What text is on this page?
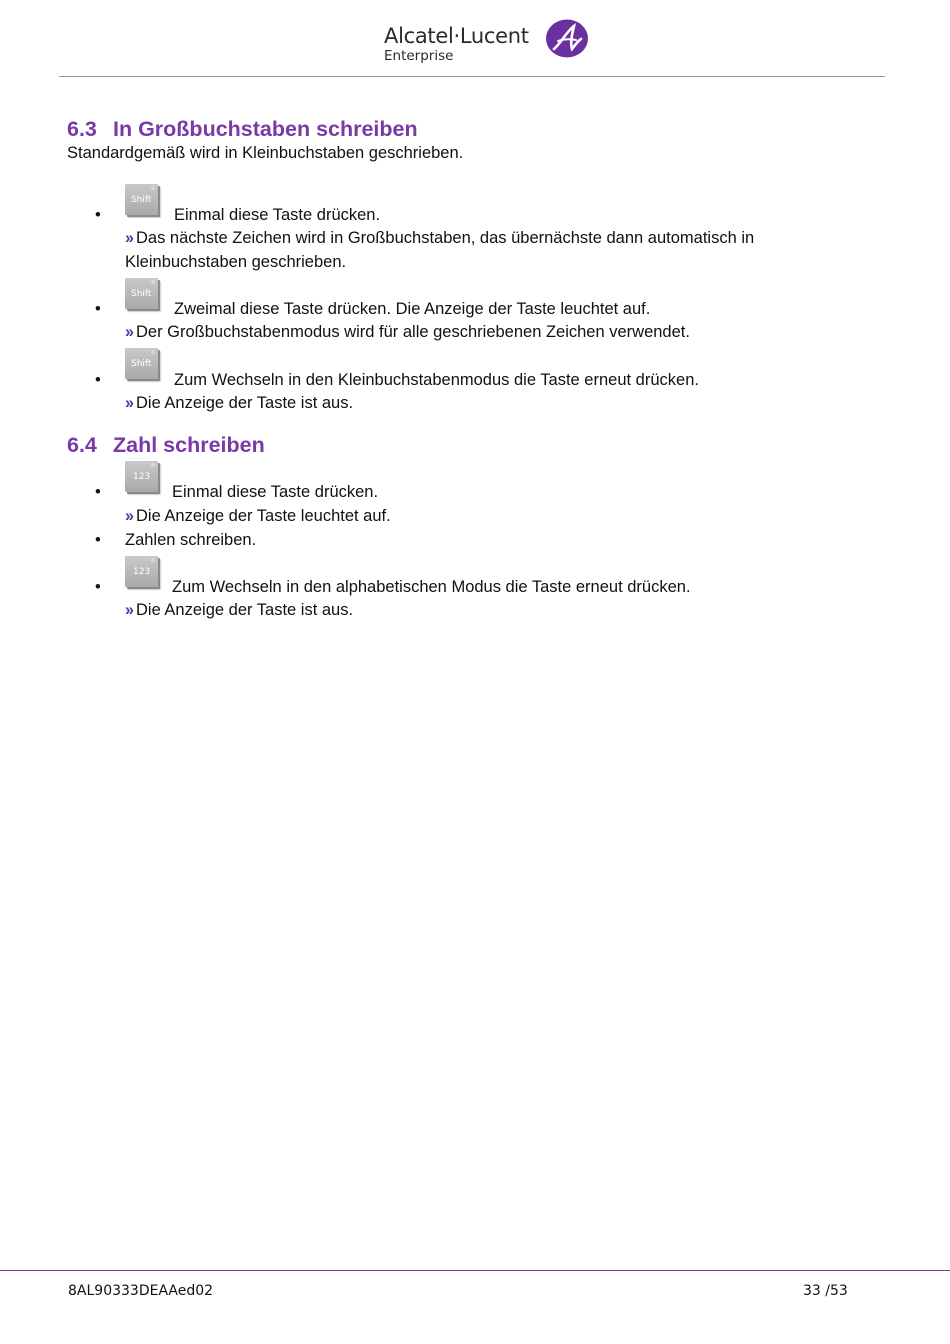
Alcatel·Lucent
Enterprise
6.3 In Großbuchstaben schreiben
Standardgemäß wird in Kleinbuchstaben geschrieben.
Shift
•	Einmal diese Taste drücken.
›› Das nächste Zeichen wird in Großbuchstaben, das übernächste dann automatisch in
Kleinbuchstaben geschrieben.
Shift
•	Zweimal diese Taste drücken. Die Anzeige der Taste leuchtet auf.
›› Der Großbuchstabenmodus wird für alle geschriebenen Zeichen verwendet.
Shift
•	Zum Wechseln in den Kleinbuchstabenmodus die Taste erneut drücken.
›› Die Anzeige der Taste ist aus.
6.4 Zahl schreiben
123
•	Einmal diese Taste drücken.
›› Die Anzeige der Taste leuchtet auf.
• Zahlen schreiben.
123
•	Zum Wechseln in den alphabetischen Modus die Taste erneut drücken.
›› Die Anzeige der Taste ist aus.
8AL90333DEAAed02	33 /53
